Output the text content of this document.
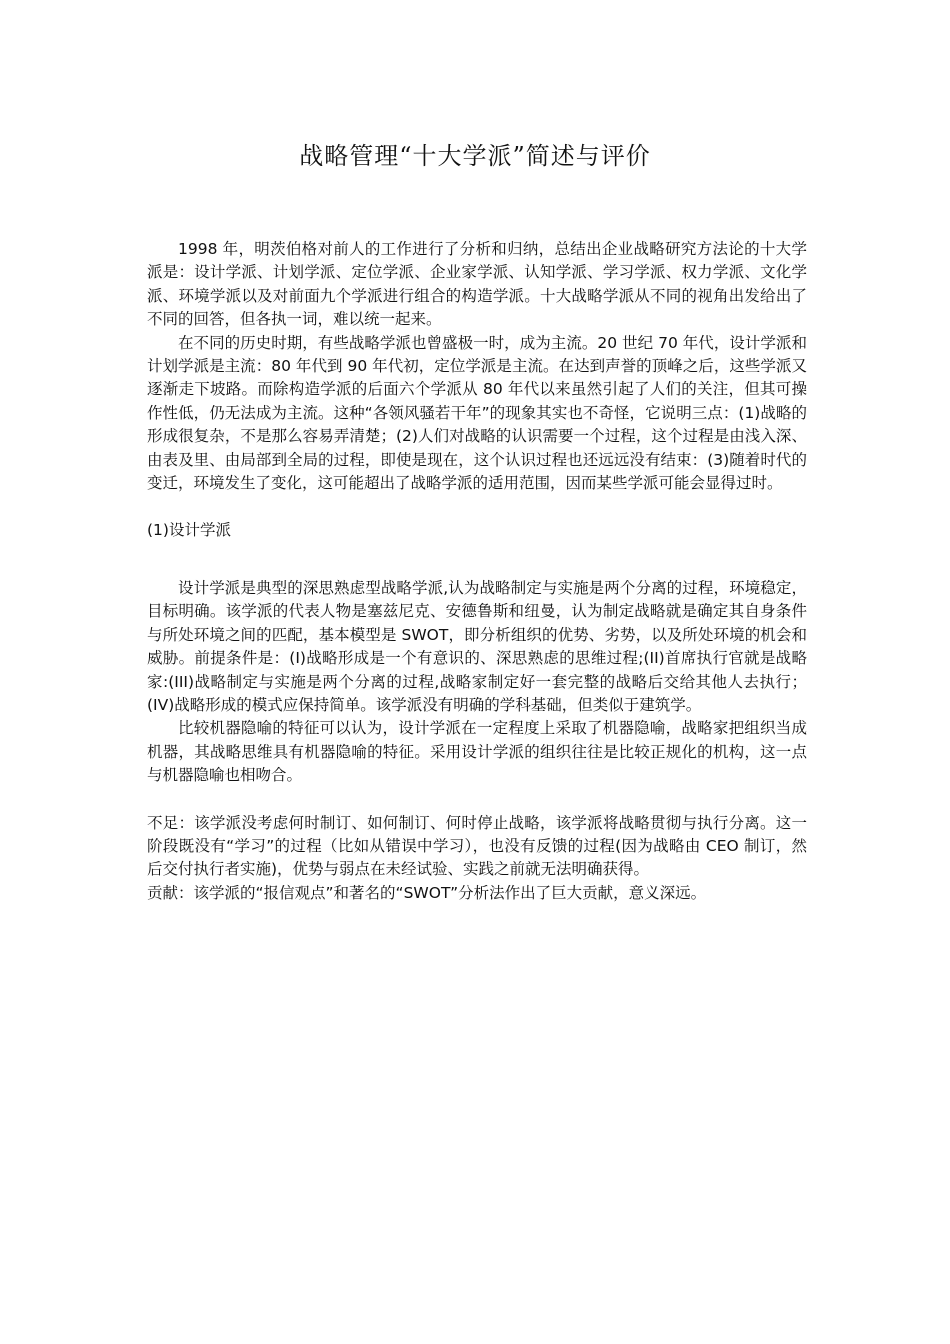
战略管理“十大学派”简述与评价

1998 年，明茨伯格对前人的工作进行了分析和归纳，总结出企业战略研究方法论的十大学派是：设计学派、计划学派、定位学派、企业家学派、认知学派、学习学派、权力学派、文化学派、环境学派以及对前面九个学派进行组合的构造学派。十大战略学派从不同的视角出发给出了不同的回答，但各执一词，难以统一起来。

在不同的历史时期，有些战略学派也曾盛极一时，成为主流。20 世纪 70 年代，设计学派和计划学派是主流：80 年代到 90 年代初，定位学派是主流。在达到声誉的顶峰之后，这些学派又逐渐走下坡路。而除构造学派的后面六个学派从 80 年代以来虽然引起了人们的关注，但其可操作性低，仍无法成为主流。这种“各领风骚若干年”的现象其实也不奇怪，它说明三点：(1)战略的形成很复杂，不是那么容易弄清楚；(2)人们对战略的认识需要一个过程，这个过程是由浅入深、由表及里、由局部到全局的过程，即使是现在，这个认识过程也还远远没有结束：(3)随着时代的变迁，环境发生了变化，这可能超出了战略学派的适用范围，因而某些学派可能会显得过时。

(1)设计学派

设计学派是典型的深思熟虑型战略学派,认为战略制定与实施是两个分离的过程，环境稳定，目标明确。该学派的代表人物是塞兹尼克、安德鲁斯和纽曼，认为制定战略就是确定其自身条件与所处环境之间的匹配，基本模型是 SWOT，即分析组织的优势、劣势，以及所处环境的机会和威胁。前提条件是：(I)战略形成是一个有意识的、深思熟虑的思维过程;(II)首席执行官就是战略家:(III)战略制定与实施是两个分离的过程,战略家制定好一套完整的战略后交给其他人去执行；(IV)战略形成的模式应保持简单。该学派没有明确的学科基础，但类似于建筑学。

比较机器隐喻的特征可以认为，设计学派在一定程度上采取了机器隐喻，战略家把组织当成机器，其战略思维具有机器隐喻的特征。采用设计学派的组织往往是比较正规化的机构，这一点与机器隐喻也相吻合。

不足：该学派没考虑何时制订、如何制订、何时停止战略，该学派将战略贯彻与执行分离。这一阶段既没有“学习”的过程（比如从错误中学习），也没有反馈的过程(因为战略由 CEO 制订，然后交付执行者实施)，优势与弱点在未经试验、实践之前就无法明确获得。

贡献：该学派的“报信观点”和著名的“SWOT”分析法作出了巨大贡献，意义深远。
